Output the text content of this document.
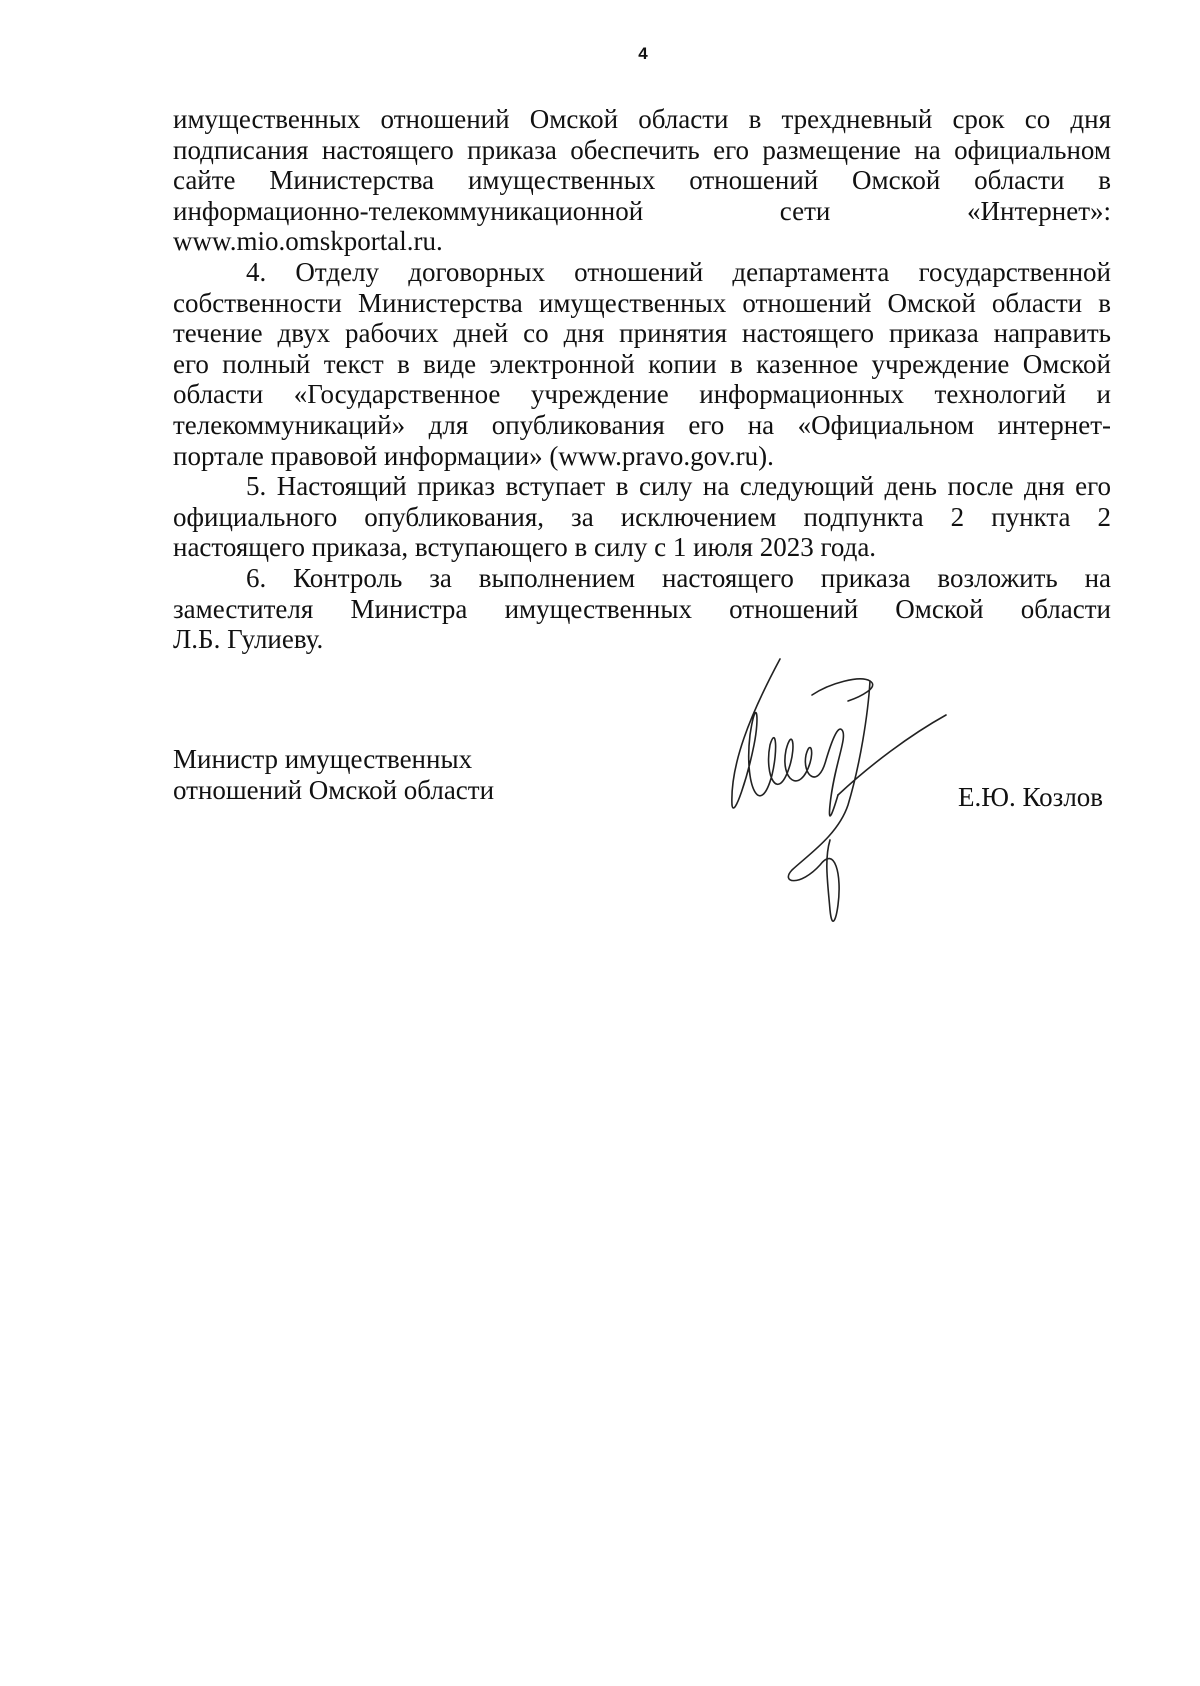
4
имущественных отношений Омской области в трехдневный срок со дня
подписания настоящего приказа обеспечить его размещение на официальном
сайте Министерства имущественных отношений Омской области в
информационно-телекоммуникационной сети «Интернет»:
www.mio.omskportal.ru.
4. Отделу договорных отношений департамента государственной
собственности Министерства имущественных отношений Омской области в
течение двух рабочих дней со дня принятия настоящего приказа направить
его полный текст в виде электронной копии в казенное учреждение Омской
области «Государственное учреждение информационных технологий и
телекоммуникаций» для опубликования его на «Официальном интернет-
портале правовой информации» (www.pravo.gov.ru).
5. Настоящий приказ вступает в силу на следующий день после дня его
официального опубликования, за исключением подпункта 2 пункта 2
настоящего приказа, вступающего в силу с 1 июля 2023 года.
6. Контроль за выполнением настоящего приказа возложить на
заместителя Министра имущественных отношений Омской области
Л.Б. Гулиеву.
Министр имущественных
отношений Омской области	Е.Ю. Козлов
